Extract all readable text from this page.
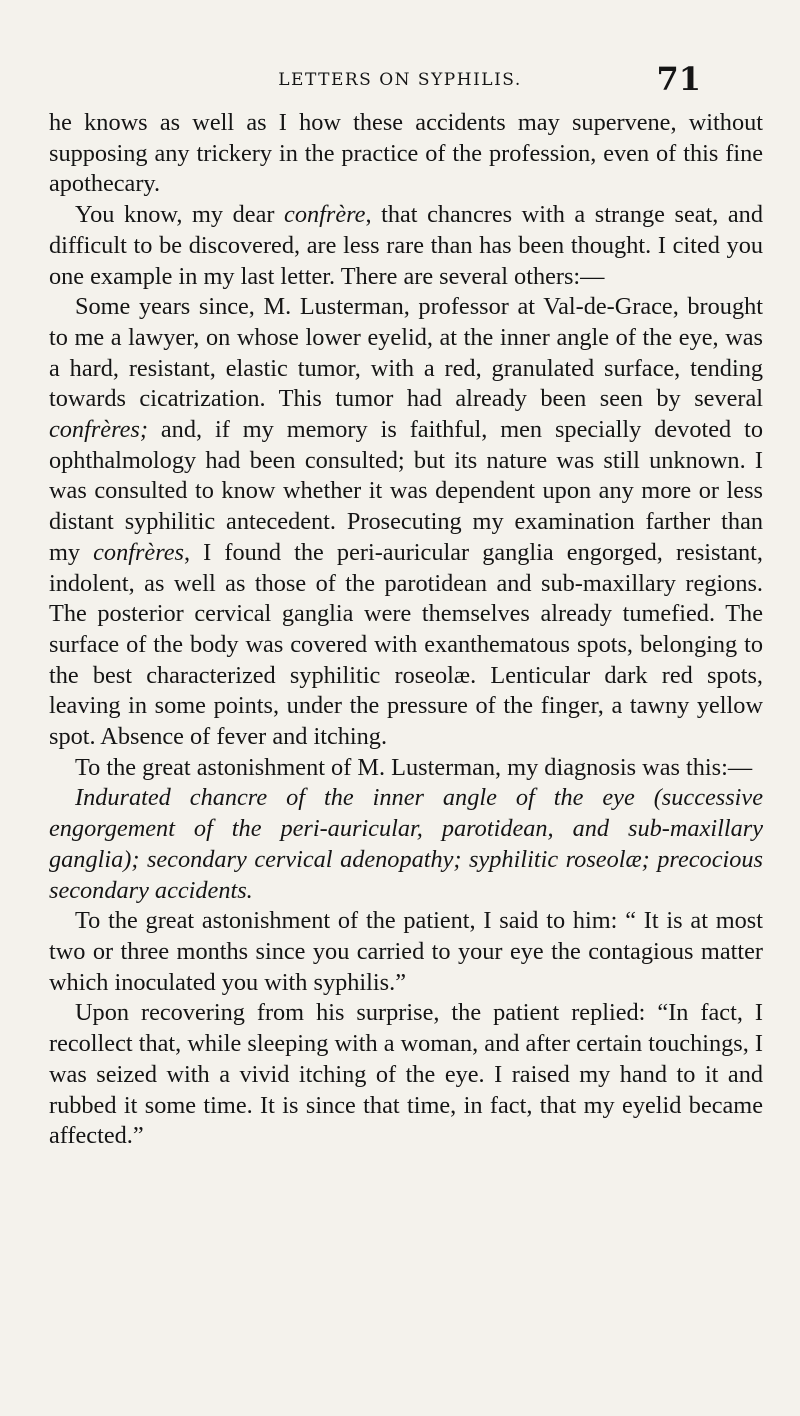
LETTERS ON SYPHILIS.	71

he knows as well as I how these accidents may supervene, without supposing any trickery in the practice of the profession, even of this fine apothecary.

You know, my dear confrère, that chancres with a strange seat, and difficult to be discovered, are less rare than has been thought. I cited you one example in my last letter. There are several others:—

Some years since, M. Lusterman, professor at Val-de-Grace, brought to me a lawyer, on whose lower eyelid, at the inner angle of the eye, was a hard, resistant, elastic tumor, with a red, granulated surface, tending towards cicatrization. This tumor had already been seen by several confrères; and, if my memory is faithful, men specially devoted to ophthalmology had been consulted; but its nature was still unknown. I was consulted to know whether it was dependent upon any more or less distant syphilitic antecedent. Prosecuting my examination farther than my confrères, I found the peri-auricular ganglia engorged, resistant, indolent, as well as those of the parotidean and sub-maxillary regions. The posterior cervical ganglia were themselves already tumefied. The surface of the body was covered with exanthematous spots, belonging to the best characterized syphilitic roseolæ. Lenticular dark red spots, leaving in some points, under the pressure of the finger, a tawny yellow spot. Absence of fever and itching.

To the great astonishment of M. Lusterman, my diagnosis was this:—

Indurated chancre of the inner angle of the eye (successive engorgement of the peri-auricular, parotidean, and sub-maxillary ganglia); secondary cervical adenopathy; syphilitic roseolæ; precocious secondary accidents.

To the great astonishment of the patient, I said to him: “ It is at most two or three months since you carried to your eye the contagious matter which inoculated you with syphilis.”

Upon recovering from his surprise, the patient replied: “In fact, I recollect that, while sleeping with a woman, and after certain touchings, I was seized with a vivid itching of the eye. I raised my hand to it and rubbed it some time. It is since that time, in fact, that my eyelid became affected.”
